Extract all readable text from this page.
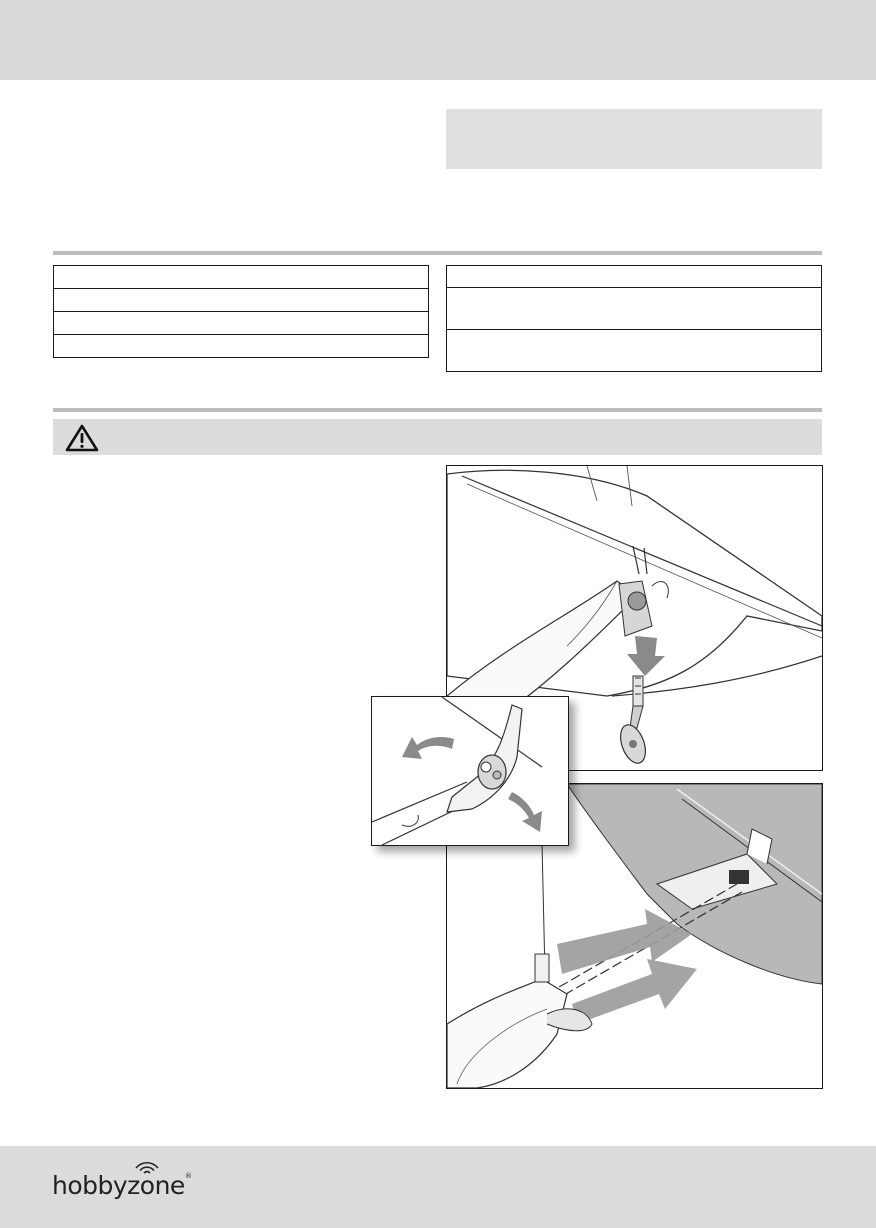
hobbyzone®
